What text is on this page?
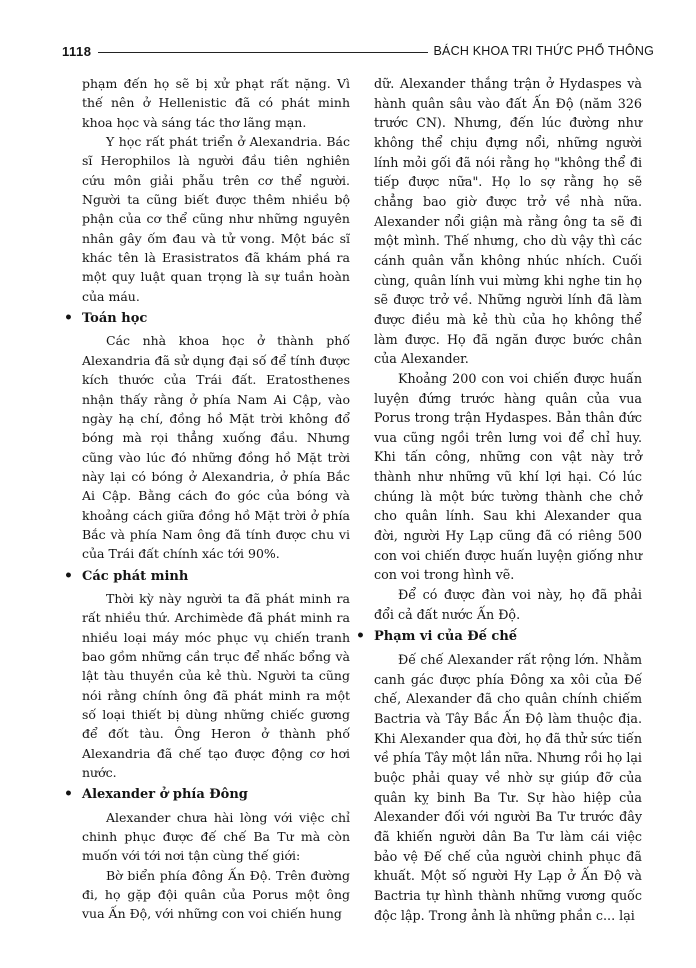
1118	BÁCH KHOA TRI THỨC PHỔ THÔNG

phạm đến họ sẽ bị xử phạt rất nặng. Vì thế nên ở Hellenistic đã có phát minh khoa học và sáng tác thơ lãng mạn.

Y học rất phát triển ở Alexandria. Bác sĩ Herophilos là người đầu tiên nghiên cứu môn giải phẫu trên cơ thể người. Người ta cũng biết được thêm nhiều bộ phận của cơ thể cũng như những nguyên nhân gây ốm đau và tử vong. Một bác sĩ khác tên là Erasistratos đã khám phá ra một quy luật quan trọng là sự tuần hoàn của máu.

• Toán học

Các nhà khoa học ở thành phố Alexandria đã sử dụng đại số để tính được kích thước của Trái đất. Eratosthenes nhận thấy rằng ở phía Nam Ai Cập, vào ngày hạ chí, đồng hồ Mặt trời không đổ bóng mà rọi thẳng xuống đầu. Nhưng cũng vào lúc đó những đồng hồ Mặt trời này lại có bóng ở Alexandria, ở phía Bắc Ai Cập. Bằng cách đo góc của bóng và khoảng cách giữa đồng hồ Mặt trời ở phía Bắc và phía Nam ông đã tính được chu vi của Trái đất chính xác tới 90%.

• Các phát minh

Thời kỳ này người ta đã phát minh ra rất nhiều thứ. Archimède đã phát minh ra nhiều loại máy móc phục vụ chiến tranh bao gồm những cần trục để nhấc bổng và lật tàu thuyền của kẻ thù. Người ta cũng nói rằng chính ông đã phát minh ra một số loại thiết bị dùng những chiếc gương để đốt tàu. Ông Heron ở thành phố Alexandria đã chế tạo được động cơ hơi nước.

• Alexander ở phía Đông

Alexander chưa hài lòng với việc chỉ chinh phục được đế chế Ba Tư mà còn muốn với tới nơi tận cùng thế giới:

Bờ biển phía đông Ấn Độ. Trên đường đi, họ gặp đội quân của Porus một ông vua Ấn Độ, với những con voi chiến hung

dữ. Alexander thắng trận ở Hydaspes và hành quân sâu vào đất Ấn Độ (năm 326 trước CN). Nhưng, đến lúc đường như không thể chịu đựng nổi, những người lính mỏi gối đã nói rằng họ "không thể đi tiếp được nữa". Họ lo sợ rằng họ sẽ chẳng bao giờ được trở về nhà nữa. Alexander nổi giận mà rằng ông ta sẽ đi một mình. Thế nhưng, cho dù vậy thì các cánh quân vẫn không nhúc nhích. Cuối cùng, quân lính vui mừng khi nghe tin họ sẽ được trở về. Những người lính đã làm được điều mà kẻ thù của họ không thể làm được. Họ đã ngăn được bước chân của Alexander.

Khoảng 200 con voi chiến được huấn luyện đứng trước hàng quân của vua Porus trong trận Hydaspes. Bản thân đức vua cũng ngồi trên lưng voi để chỉ huy. Khi tấn công, những con vật này trở thành như những vũ khí lợi hại. Có lúc chúng là một bức tường thành che chở cho quân lính. Sau khi Alexander qua đời, người Hy Lạp cũng đã có riêng 500 con voi chiến được huấn luyện giống như con voi trong hình vẽ.

Để có được đàn voi này, họ đã phải đổi cả đất nước Ấn Độ.

• Phạm vi của Đế chế

Đế chế Alexander rất rộng lớn. Nhằm canh gác được phía Đông xa xôi của Đế chế, Alexander đã cho quân chính chiếm Bactria và Tây Bắc Ấn Độ làm thuộc địa. Khi Alexander qua đời, họ đã thử sức tiến về phía Tây một lần nữa. Nhưng rồi họ lại buộc phải quay về nhờ sự giúp đỡ của quân kỵ binh Ba Tư. Sự hào hiệp của Alexander đối với người Ba Tư trước đây đã khiến người dân Ba Tư làm cái việc bảo vệ Đế chế của người chinh phục đã khuất. Một số người Hy Lạp ở Ấn Độ và Bactria tự hình thành những vương quốc độc lập. Trong ảnh là những phần c... lại
